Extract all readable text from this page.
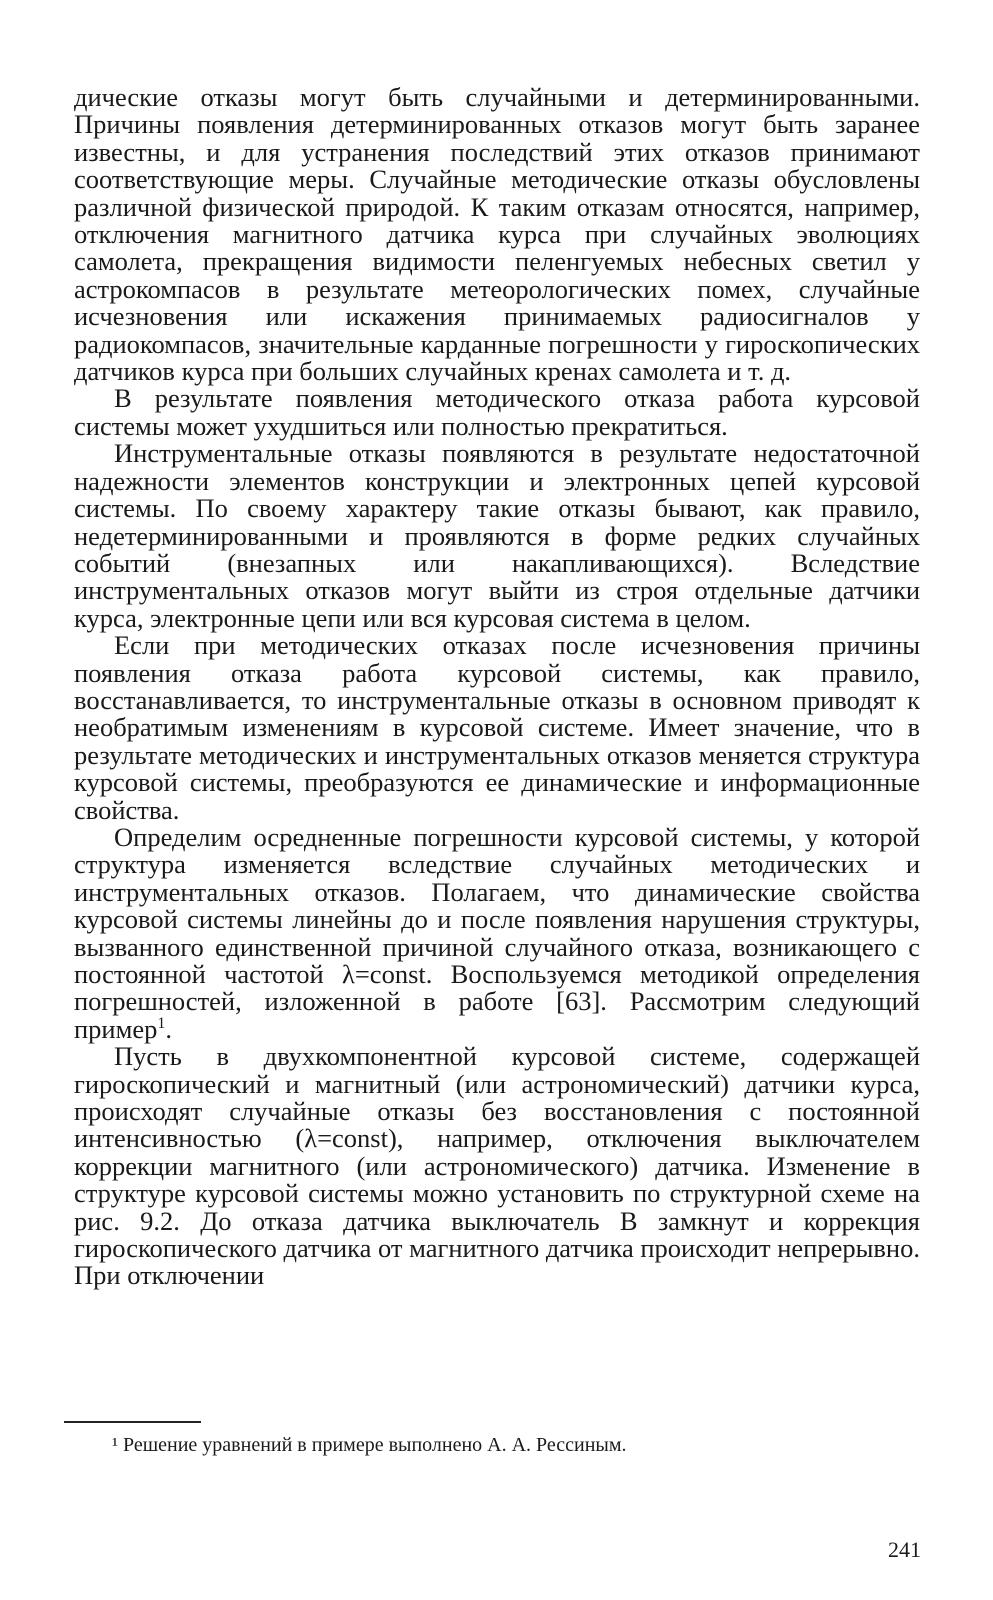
дические отказы могут быть случайными и детерминированными. Причины появления детерминированных отказов могут быть заранее известны, и для устранения последствий этих отказов принимают соответствующие меры. Случайные методические отказы обусловлены различной физической природой. К таким отказам относятся, например, отключения магнитного датчика курса при случайных эволюциях самолета, прекращения видимости пеленгуемых небесных светил у астрокомпасов в результате метеорологических помех, случайные исчезновения или искажения принимаемых радиосигналов у радиокомпасов, значительные карданные погрешности у гироскопических датчиков курса при больших случайных кренах самолета и т. д.

В результате появления методического отказа работа курсовой системы может ухудшиться или полностью прекратиться.

Инструментальные отказы появляются в результате недостаточной надежности элементов конструкции и электронных цепей курсовой системы. По своему характеру такие отказы бывают, как правило, недетерминированными и проявляются в форме редких случайных событий (внезапных или накапливающихся). Вследствие инструментальных отказов могут выйти из строя отдельные датчики курса, электронные цепи или вся курсовая система в целом.

Если при методических отказах после исчезновения причины появления отказа работа курсовой системы, как правило, восстанавливается, то инструментальные отказы в основном приводят к необратимым изменениям в курсовой системе. Имеет значение, что в результате методических и инструментальных отказов меняется структура курсовой системы, преобразуются ее динамические и информационные свойства.

Определим осредненные погрешности курсовой системы, у которой структура изменяется вследствие случайных методических и инструментальных отказов. Полагаем, что динамические свойства курсовой системы линейны до и после появления нарушения структуры, вызванного единственной причиной случайного отказа, возникающего с постоянной частотой λ=const. Воспользуемся методикой определения погрешностей, изложенной в работе [63]. Рассмотрим следующий пример$^1$.

Пусть в двухкомпонентной курсовой системе, содержащей гироскопический и магнитный (или астрономический) датчики курса, происходят случайные отказы без восстановления с постоянной интенсивностью (λ=const), например, отключения выключателем коррекции магнитного (или астрономического) датчика. Изменение в структуре курсовой системы можно установить по структурной схеме на рис. 9.2. До отказа датчика выключатель В замкнут и коррекция гироскопического датчика от магнитного датчика происходит непрерывно. При отключении

¹ Решение уравнений в примере выполнено А. А. Рессиным.
241
